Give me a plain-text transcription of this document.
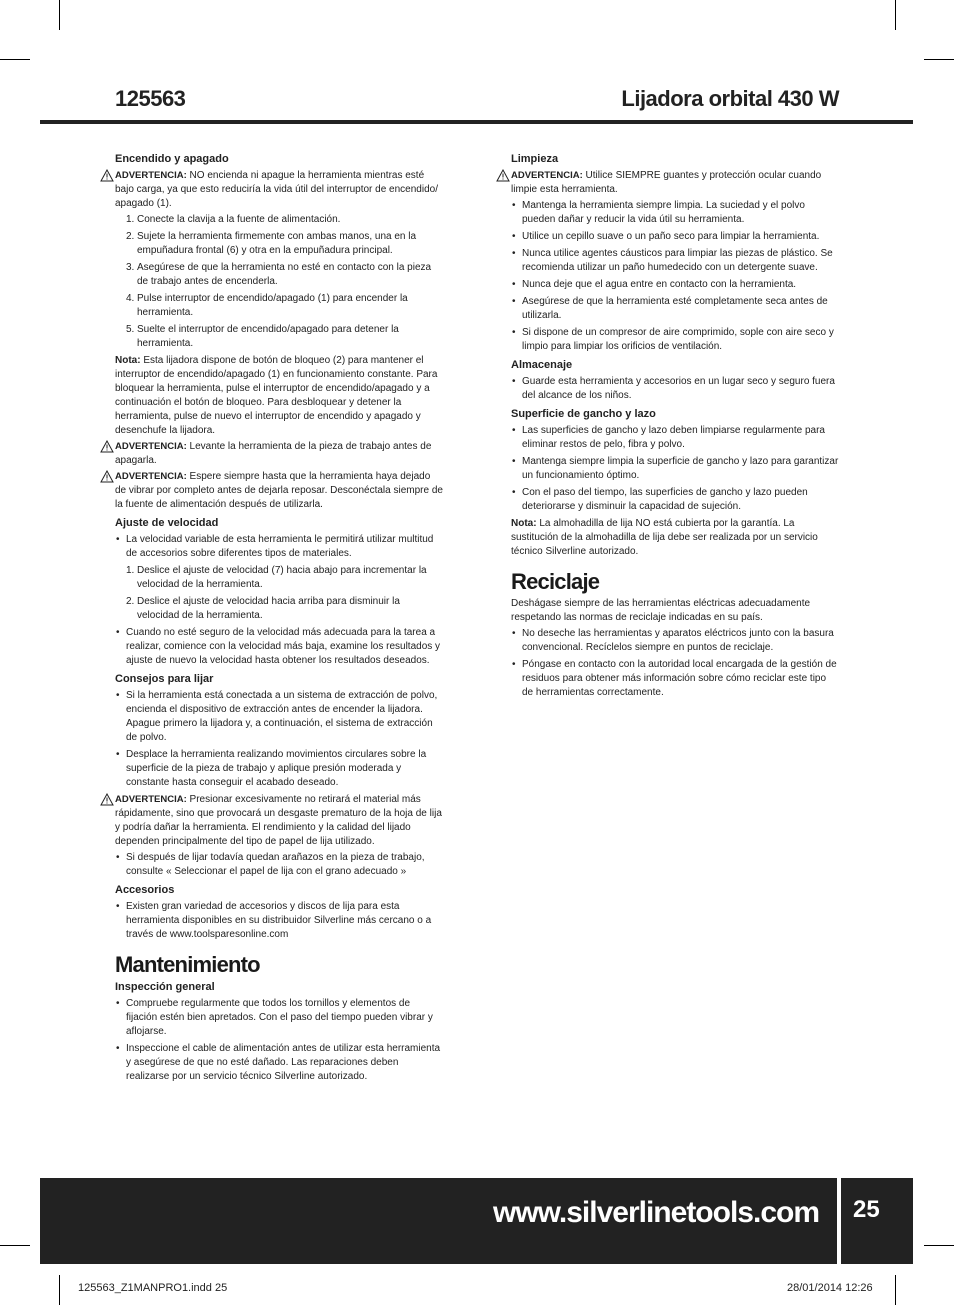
125563	Lijadora orbital 430 W

Encendido y apagado

ADVERTENCIA: NO encienda ni apague la herramienta mientras esté bajo carga, ya que esto reduciría la vida útil del interruptor de encendido/ apagado (1).

1. Conecte la clavija a la fuente de alimentación.
2. Sujete la herramienta firmemente con ambas manos, una en la empuñadura frontal (6) y otra en la empuñadura principal.
3. Asegúrese de que la herramienta no esté en contacto con la pieza de trabajo antes de encenderla.
4. Pulse interruptor de encendido/apagado (1) para encender la herramienta.
5. Suelte el interruptor de encendido/apagado para detener la herramienta.

Nota: Esta lijadora dispone de botón de bloqueo (2) para mantener el interruptor de encendido/apagado (1) en funcionamiento constante. Para bloquear la herramienta, pulse el interruptor de encendido/apagado y a continuación el botón de bloqueo. Para desbloquear y detener la herramienta, pulse de nuevo el interruptor de encendido y apagado y desenchufe la lijadora.

ADVERTENCIA: Levante la herramienta de la pieza de trabajo antes de apagarla.

ADVERTENCIA: Espere siempre hasta que la herramienta haya dejado de vibrar por completo antes de dejarla reposar. Desconéctala siempre de la fuente de alimentación después de utilizarla.

Ajuste de velocidad

• La velocidad variable de esta herramienta le permitirá utilizar multitud de accesorios sobre diferentes tipos de materiales.
1. Deslice el ajuste de velocidad (7) hacia abajo para incrementar la velocidad de la herramienta.
2. Deslice el ajuste de velocidad hacia arriba para disminuir la velocidad de la herramienta.
• Cuando no esté seguro de la velocidad más adecuada para la tarea a realizar, comience con la velocidad más baja, examine los resultados y ajuste de nuevo la velocidad hasta obtener los resultados deseados.

Consejos para lijar

• Si la herramienta está conectada a un sistema de extracción de polvo, encienda el dispositivo de extracción antes de encender la lijadora. Apague primero la lijadora y, a continuación, el sistema de extracción de polvo.
• Desplace la herramienta realizando movimientos circulares sobre la superficie de la pieza de trabajo y aplique presión moderada y constante hasta conseguir el acabado deseado.

ADVERTENCIA: Presionar excesivamente no retirará el material más rápidamente, sino que provocará un desgaste prematuro de la hoja de lija y podría dañar la herramienta. El rendimiento y la calidad del lijado dependen principalmente del tipo de papel de lija utilizado.

• Si después de lijar todavía quedan arañazos en la pieza de trabajo, consulte « Seleccionar el papel de lija con el grano adecuado »

Accesorios

• Existen gran variedad de accesorios y discos de lija para esta herramienta disponibles en su distribuidor Silverline más cercano o a través de www.toolsparesonline.com

Mantenimiento

Inspección general

• Compruebe regularmente que todos los tornillos y elementos de fijación estén bien apretados. Con el paso del tiempo pueden vibrar y aflojarse.
• Inspeccione el cable de alimentación antes de utilizar esta herramienta y asegúrese de que no esté dañado. Las reparaciones deben realizarse por un servicio técnico Silverline autorizado.

Limpieza

ADVERTENCIA: Utilice SIEMPRE guantes y protección ocular cuando limpie esta herramienta.

• Mantenga la herramienta siempre limpia. La suciedad y el polvo pueden dañar y reducir la vida útil su herramienta.
• Utilice un cepillo suave o un paño seco para limpiar la herramienta.
• Nunca utilice agentes cáusticos para limpiar las piezas de plástico. Se recomienda utilizar un paño humedecido con un detergente suave.
• Nunca deje que el agua entre en contacto con la herramienta.
• Asegúrese de que la herramienta esté completamente seca antes de utilizarla.
• Si dispone de un compresor de aire comprimido, sople con aire seco y limpio para limpiar los orificios de ventilación.

Almacenaje

• Guarde esta herramienta y accesorios en un lugar seco y seguro fuera del alcance de los niños.

Superficie de gancho y lazo

• Las superficies de gancho y lazo deben limpiarse regularmente para eliminar restos de pelo, fibra y polvo.
• Mantenga siempre limpia la superficie de gancho y lazo para garantizar un funcionamiento óptimo.
• Con el paso del tiempo, las superficies de gancho y lazo pueden deteriorarse y disminuir la capacidad de sujeción.

Nota: La almohadilla de lija NO está cubierta por la garantía. La sustitución de la almohadilla de lija debe ser realizada por un servicio técnico Silverline autorizado.

Reciclaje

Deshágase siempre de las herramientas eléctricas adecuadamente respetando las normas de reciclaje indicadas en su país.

• No deseche las herramientas y aparatos eléctricos junto con la basura convencional. Recíclelos siempre en puntos de reciclaje.
• Póngase en contacto con la autoridad local encargada de la gestión de residuos para obtener más información sobre cómo reciclar este tipo de herramientas correctamente.
www.silverlinetools.com 25
125563_Z1MANPRO1.indd 25	28/01/2014 12:26
